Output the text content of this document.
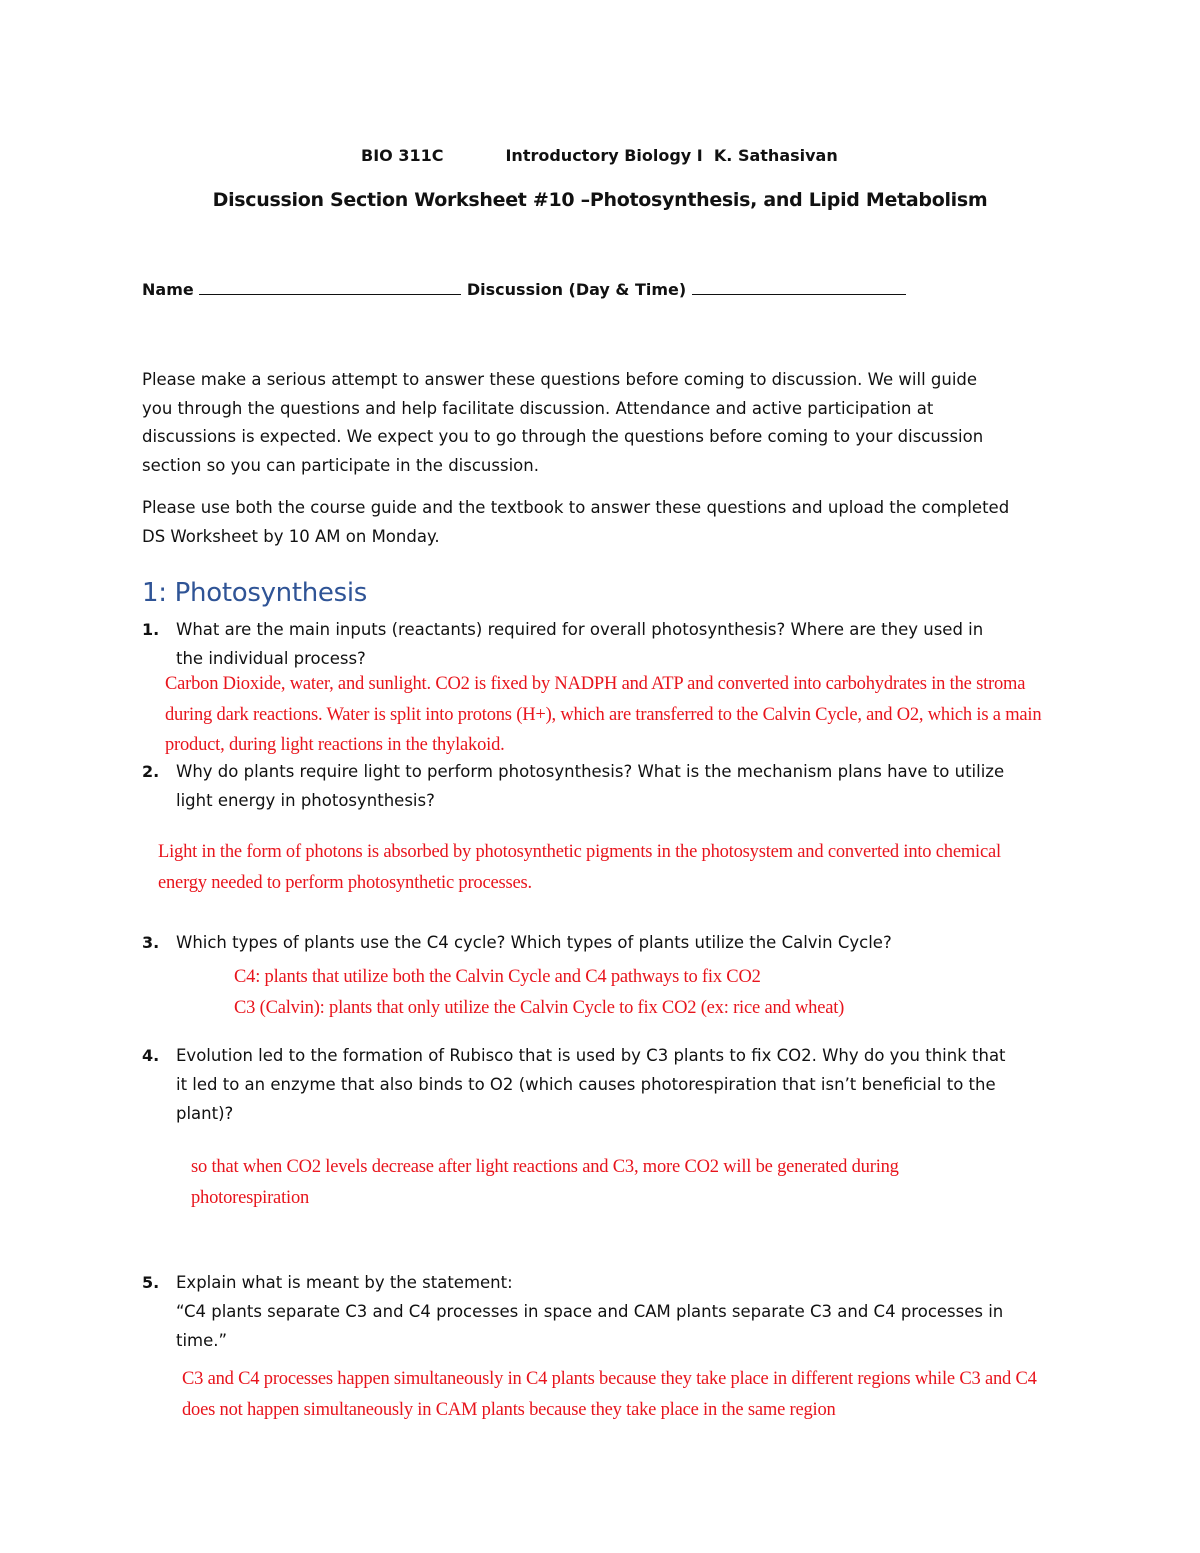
BIO 311C	Introductory Biology I K. Sathasivan
Discussion Section Worksheet #10 –Photosynthesis, and Lipid Metabolism
Name	Discussion (Day & Time)
Please make a serious attempt to answer these questions before coming to discussion. We will guide
you through the questions and help facilitate discussion. Attendance and active participation at
discussions is expected. We expect you to go through the questions before coming to your discussion
section so you can participate in the discussion.
Please use both the course guide and the textbook to answer these questions and upload the completed
DS Worksheet by 10 AM on Monday.
1: Photosynthesis
1. What are the main inputs (reactants) required for overall photosynthesis? Where are they used in
the individual process?
Carbon Dioxide, water, and sunlight. CO2 is fixed by NADPH and ATP and converted into carbohydrates in the stroma
during dark reactions. Water is split into protons (H+), which are transferred to the Calvin Cycle, and O2, which is a main
product, during light reactions in the thylakoid.
2. Why do plants require light to perform photosynthesis? What is the mechanism plans have to utilize
light energy in photosynthesis?
Light in the form of photons is absorbed by photosynthetic pigments in the photosystem and converted into chemical
energy needed to perform photosynthetic processes.
3. Which types of plants use the C4 cycle? Which types of plants utilize the Calvin Cycle?
C4: plants that utilize both the Calvin Cycle and C4 pathways to fix CO2
C3 (Calvin): plants that only utilize the Calvin Cycle to fix CO2 (ex: rice and wheat)
4. Evolution led to the formation of Rubisco that is used by C3 plants to fix CO2. Why do you think that
it led to an enzyme that also binds to O2 (which causes photorespiration that isn’t beneficial to the
plant)?
so that when CO2 levels decrease after light reactions and C3, more CO2 will be generated during
photorespiration
5. Explain what is meant by the statement:
“C4 plants separate C3 and C4 processes in space and CAM plants separate C3 and C4 processes in
time.”
C3 and C4 processes happen simultaneously in C4 plants because they take place in different regions while C3 and C4
does not happen simultaneously in CAM plants because they take place in the same region
